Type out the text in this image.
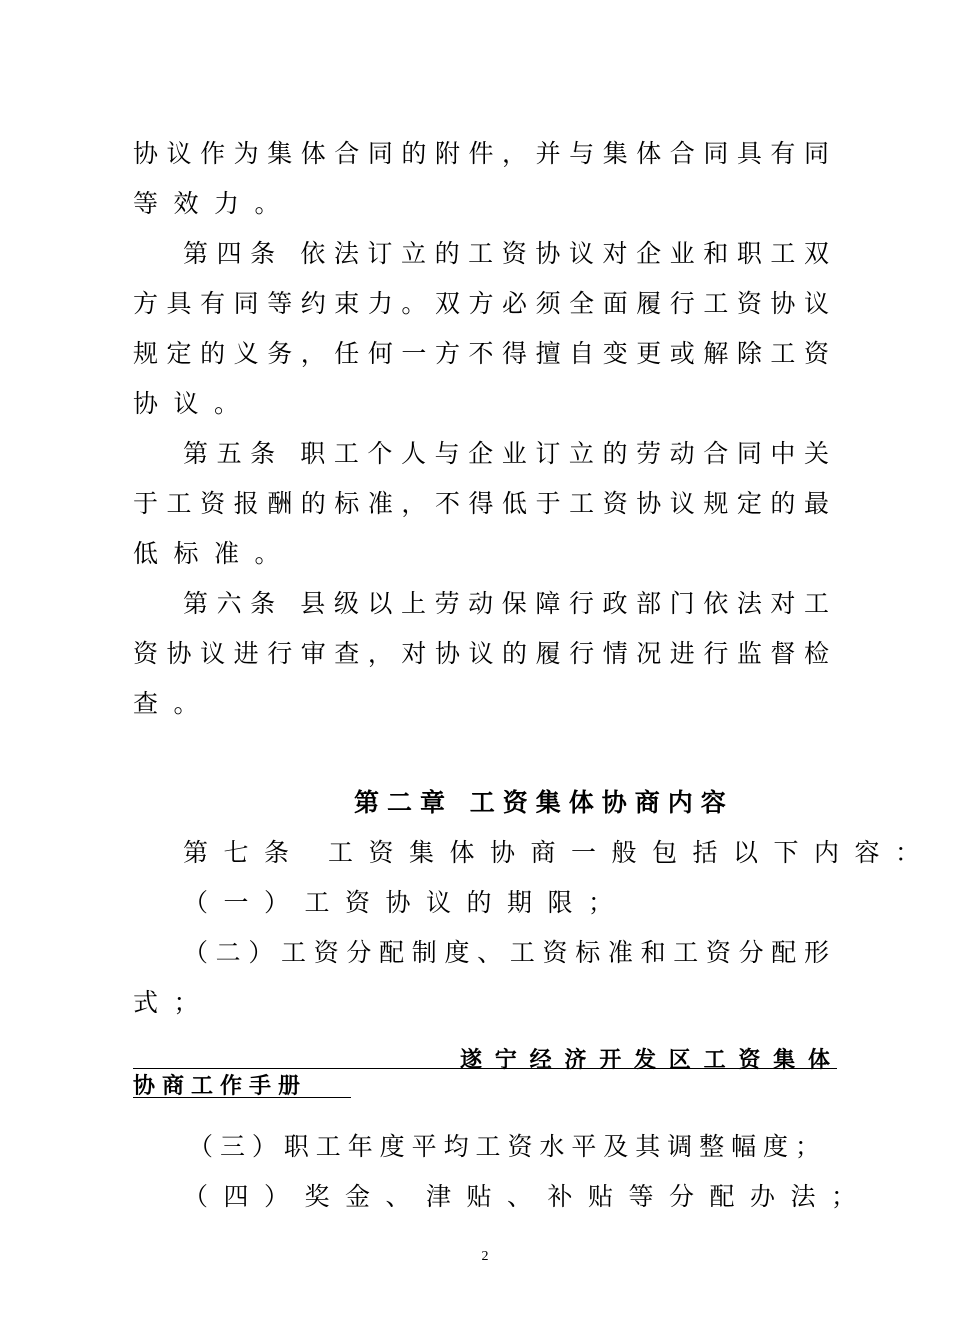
协议作为集体合同的附件，并与集体合同具有同
等效力。
第四条 依法订立的工资协议对企业和职工双
方具有同等约束力。双方必须全面履行工资协议
规定的义务，任何一方不得擅自变更或解除工资
协议。
第五条 职工个人与企业订立的劳动合同中关
于工资报酬的标准，不得低于工资协议规定的最
低标准。
第六条 县级以上劳动保障行政部门依法对工
资协议进行审查，对协议的履行情况进行监督检
查。
第二章 工资集体协商内容
第七条 工资集体协商一般包括以下内容：
（一）工资协议的期限；
（二）工资分配制度、工资标准和工资分配形
式；
遂宁经济开发区工资集体
协商工作手册
（三）职工年度平均工资水平及其调整幅度；
（四）奖金、津贴、补贴等分配办法；
2
